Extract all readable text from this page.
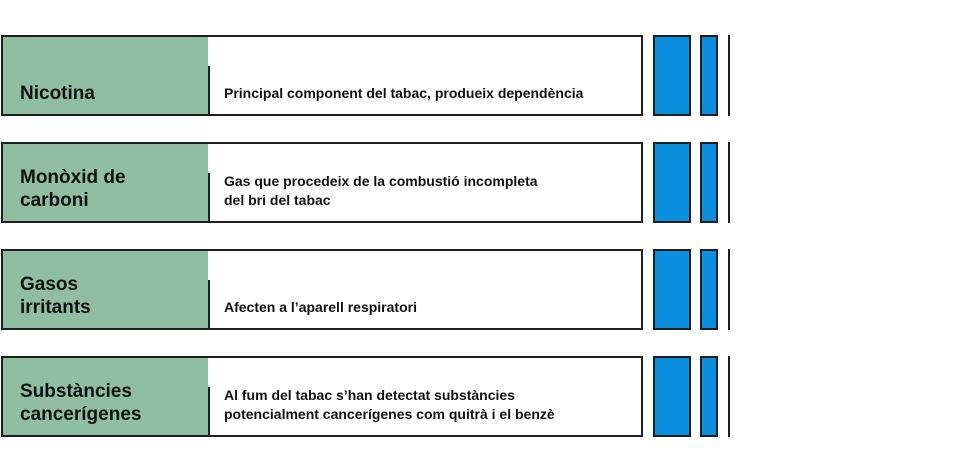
Nicotina	Principal component del tabac, produeix dependència
Monòxid de
carboni
Gas que procedeix de la combustió incompleta
del bri del tabac
Gasos
irritants	Afecten a l’aparell respiratori
Substàncies
cancerígenes
Al fum del tabac s’han detectat substàncies
potencialment cancerígenes com quitrà i el benzè
